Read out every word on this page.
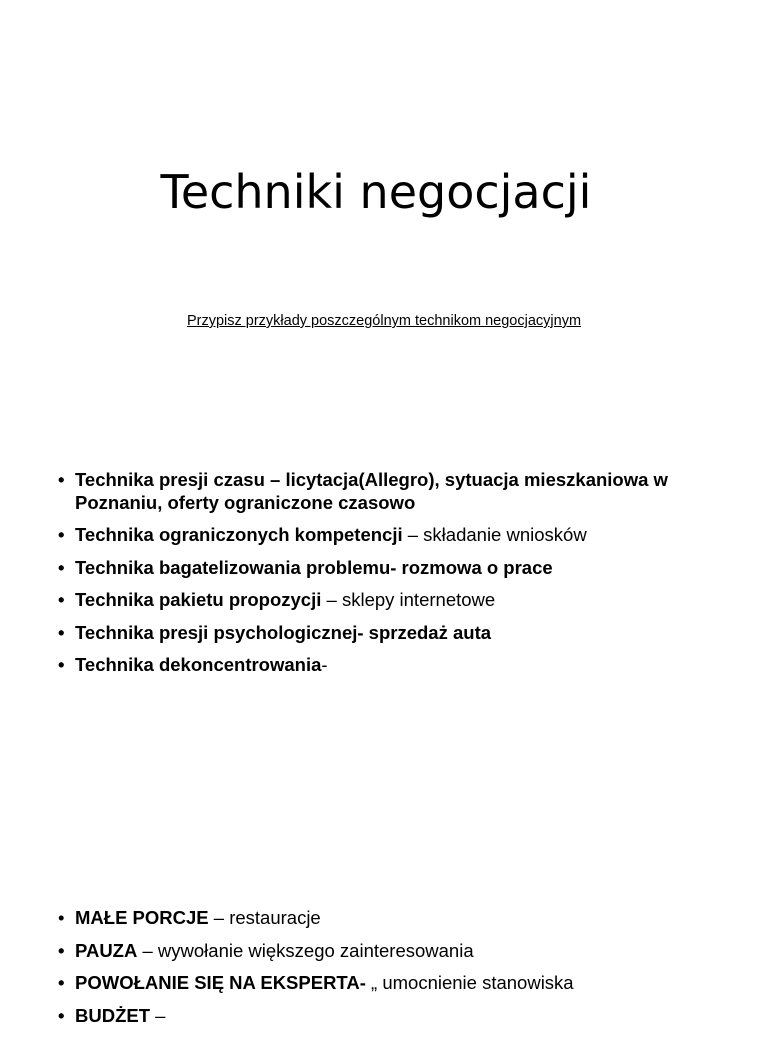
Techniki negocjacji

Przypisz przykłady poszczególnym technikom negocjacyjnym

• Technika presji czasu – licytacja(Allegro), sytuacja mieszkaniowa w Poznaniu, oferty ograniczone czasowo
• Technika ograniczonych kompetencji – składanie wniosków
• Technika bagatelizowania problemu- rozmowa o prace
• Technika pakietu propozycji – sklepy internetowe
• Technika presji psychologicznej- sprzedaż auta
• Technika dekoncentrowania-
• MAŁE PORCJE – restauracje
• PAUZA – wywołanie większego zainteresowania
• POWOŁANIE SIĘ NA EKSPERTA- „ umocnienie stanowiska
• BUDŻET –
